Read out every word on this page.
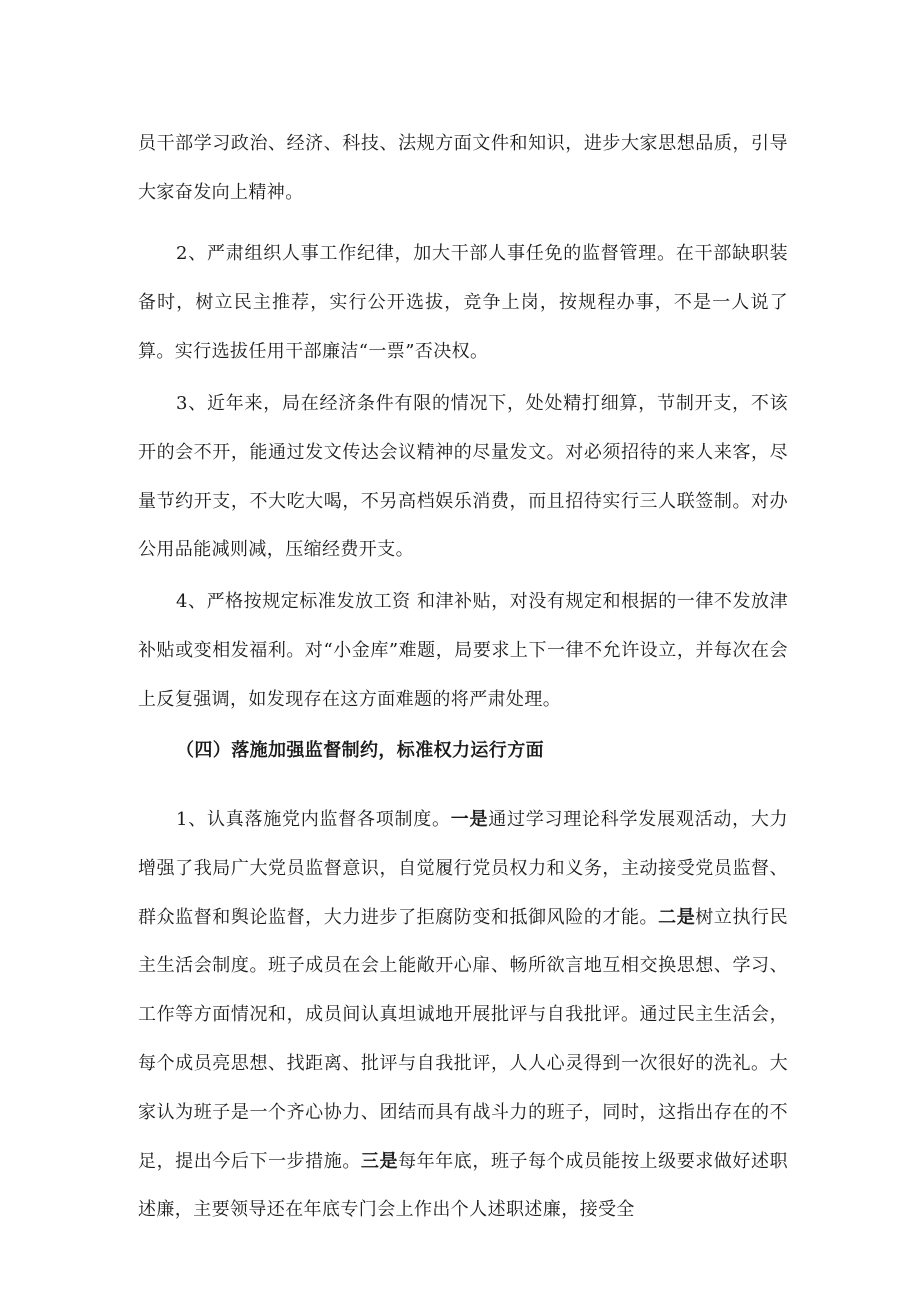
员干部学习政治、经济、科技、法规方面文件和知识，进步大家思想品质，引导大家奋发向上精神。

2、严肃组织人事工作纪律，加大干部人事任免的监督管理。在干部缺职装备时，树立民主推荐，实行公开选拔，竞争上岗，按规程办事，不是一人说了算。实行选拔任用干部廉洁“一票”否决权。

3、近年来，局在经济条件有限的情况下，处处精打细算，节制开支，不该开的会不开，能通过发文传达会议精神的尽量发文。对必须招待的来人来客，尽量节约开支，不大吃大喝，不另高档娱乐消费，而且招待实行三人联签制。对办公用品能减则减，压缩经费开支。

4、严格按规定标准发放工资 和津补贴，对没有规定和根据的一律不发放津补贴或变相发福利。对“小金库”难题，局要求上下一律不允许设立，并每次在会上反复强调，如发现存在这方面难题的将严肃处理。

（四）落施加强监督制约，标准权力运行方面

1、认真落施党内监督各项制度。一是通过学习理论科学发展观活动，大力增强了我局广大党员监督意识，自觉履行党员权力和义务，主动接受党员监督、群众监督和舆论监督，大力进步了拒腐防变和抵御风险的才能。二是树立执行民主生活会制度。班子成员在会上能敞开心扉、畅所欲言地互相交换思想、学习、工作等方面情况和，成员间认真坦诚地开展批评与自我批评。通过民主生活会，每个成员亮思想、找距离、批评与自我批评，人人心灵得到一次很好的洗礼。大家认为班子是一个齐心协力、团结而具有战斗力的班子，同时，这指出存在的不足，提出今后下一步措施。三是每年年底，班子每个成员能按上级要求做好述职述廉，主要领导还在年底专门会上作出个人述职述廉，接受全
